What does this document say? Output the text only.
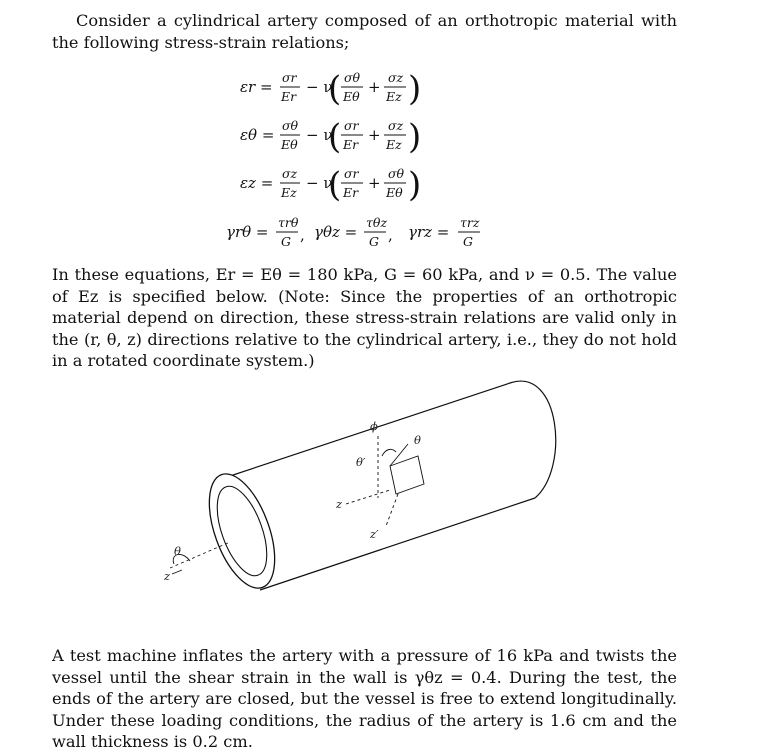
Consider a cylindrical artery composed of an orthotropic material with the following stress-strain relations;

εr =
σr
Er
− ν
( σθ
Eθ
+
σz
Ez )
εθ =
σθ
Eθ
− ν
( σr
Er
+
σz
Ez )
εz =
σz
Ez
− ν
( σr
Er
+
σθ
Eθ )
γrθ =
τrθ
G , γθz =
τθz
G , γrz =
τrz
G

In these equations, Er = Eθ = 180 kPa, G = 60 kPa, and ν = 0.5. The value of Ez is specified below. (Note: Since the properties of an orthotropic material depend on direction, these stress-strain relations are valid only in the (r, θ, z) directions relative to the cylindrical artery, i.e., they do not hold in a rotated coordinate system.)

θ
z
ϕ
θ
θ′
z
z′

A test machine inflates the artery with a pressure of 16 kPa and twists the vessel until the shear strain in the wall is γθz = 0.4. During the test, the ends of the artery are closed, but the vessel is free to extend longitudinally. Under these loading conditions, the radius of the artery is 1.6 cm and the wall thickness is 0.2 cm.
